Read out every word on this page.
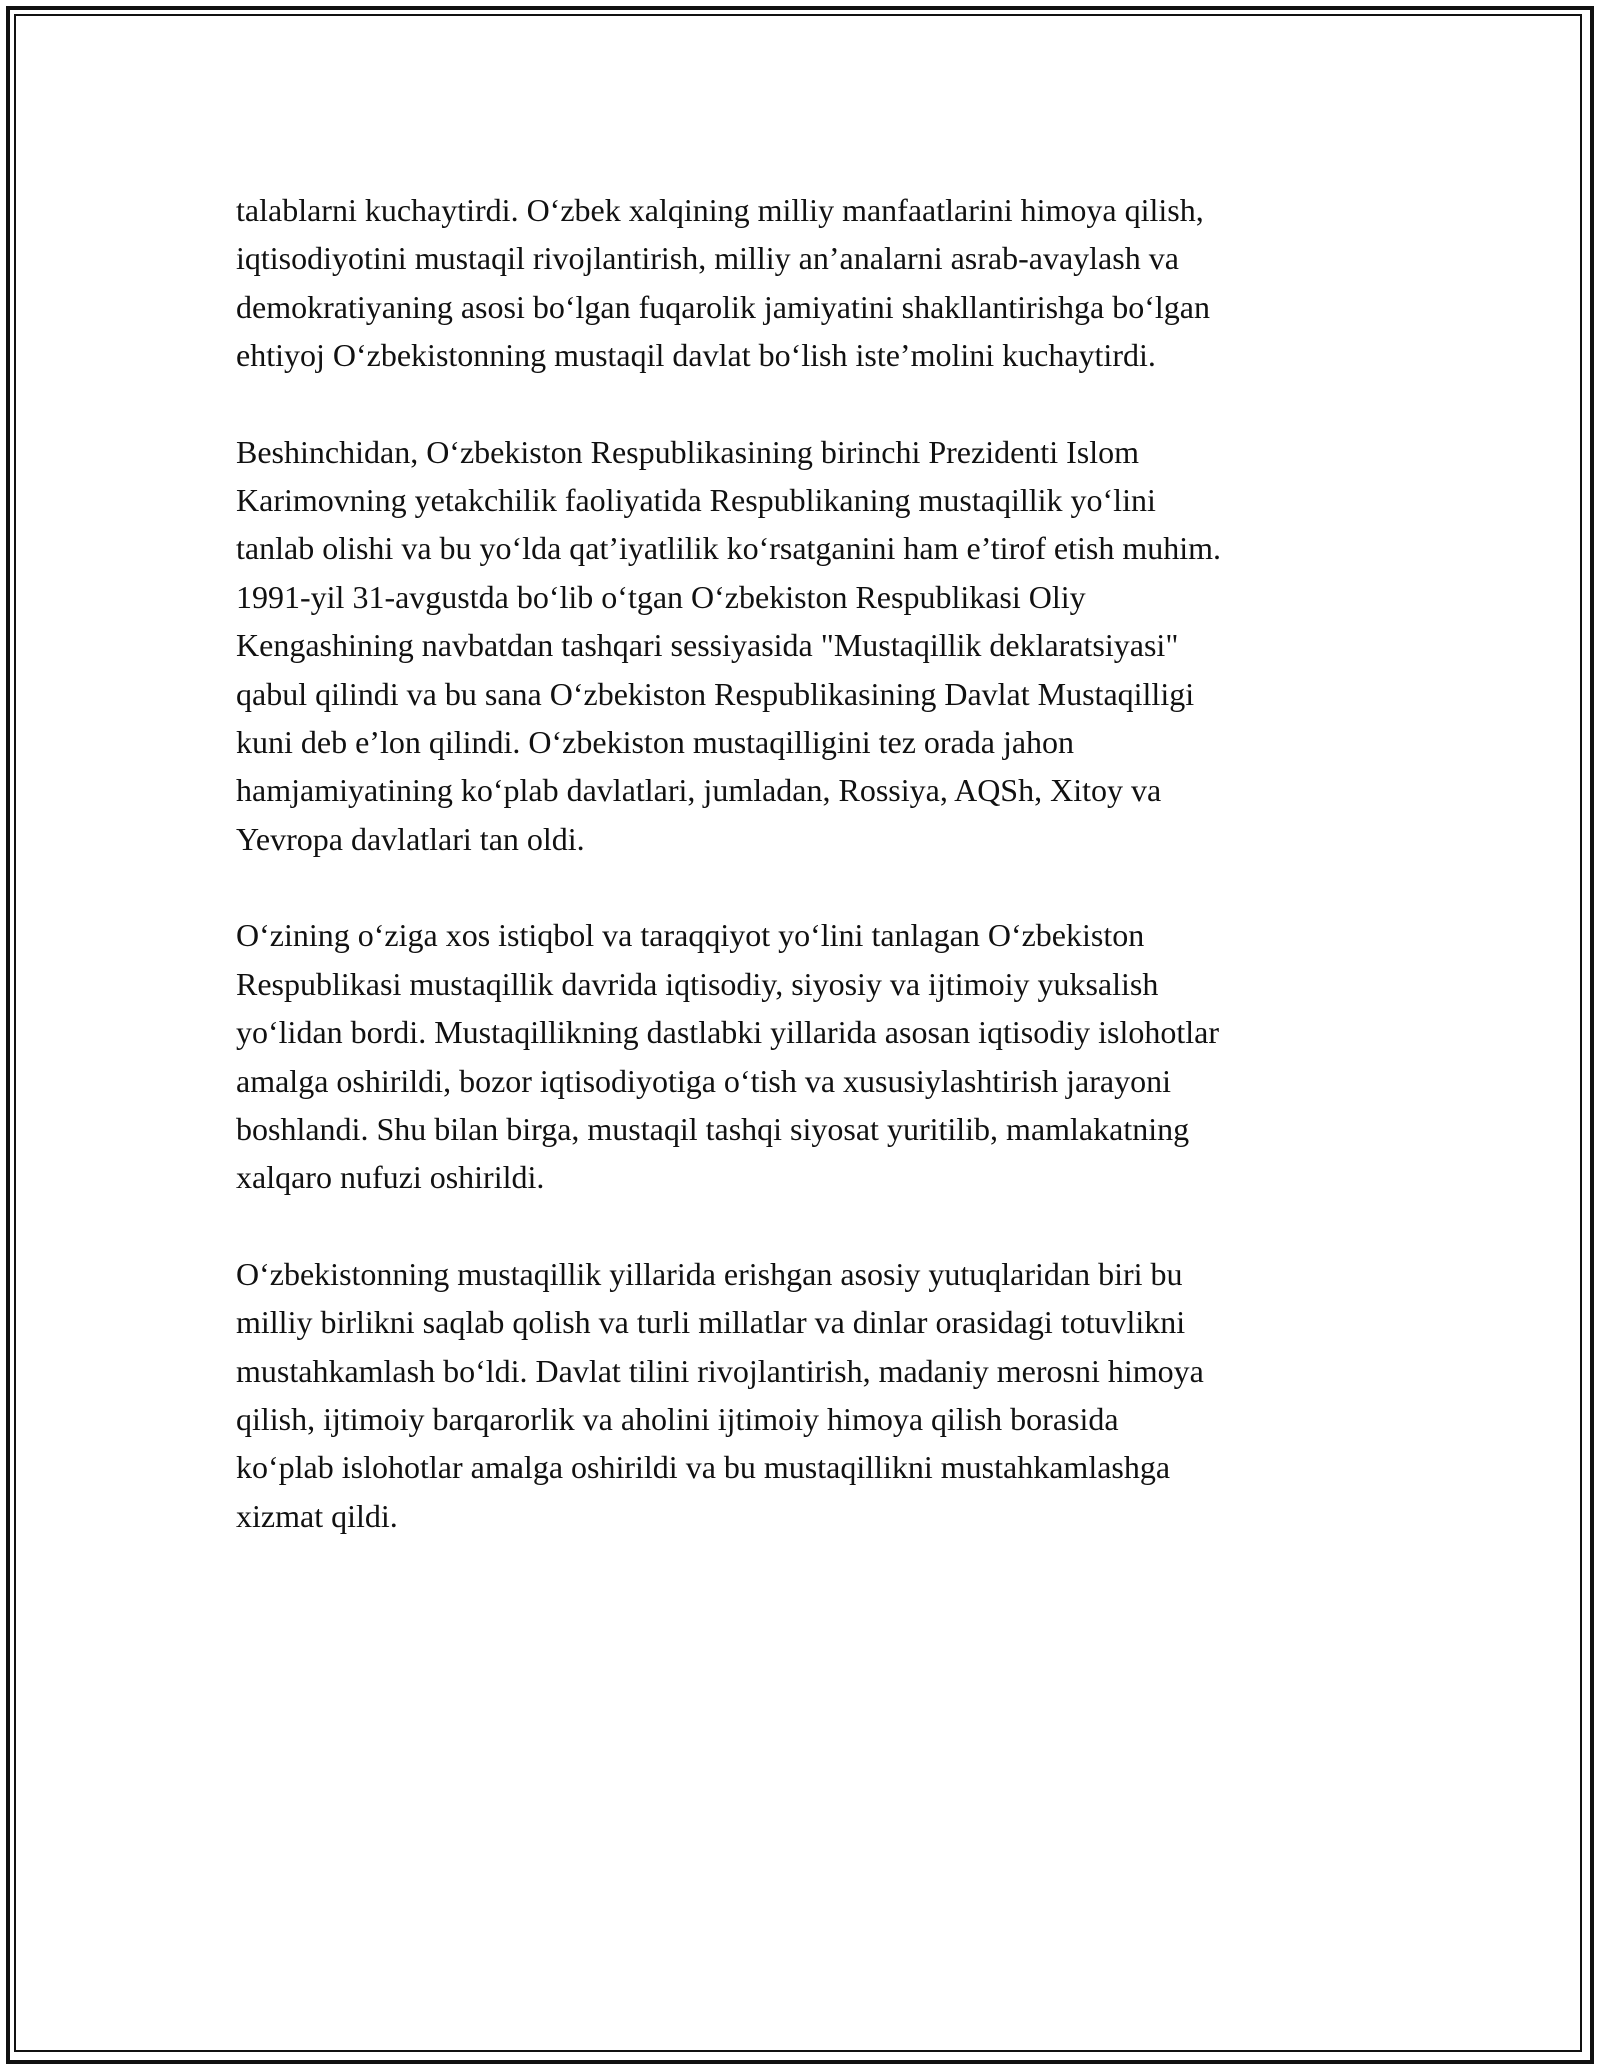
talablarni kuchaytirdi. O‘zbek xalqining milliy manfaatlarini himoya qilish,
iqtisodiyotini mustaqil rivojlantirish, milliy an’analarni asrab-avaylash va
demokratiyaning asosi bo‘lgan fuqarolik jamiyatini shakllantirishga bo‘lgan
ehtiyoj O‘zbekistonning mustaqil davlat bo‘lish iste’molini kuchaytirdi.

Beshinchidan, O‘zbekiston Respublikasining birinchi Prezidenti Islom
Karimovning yetakchilik faoliyatida Respublikaning mustaqillik yo‘lini
tanlab olishi va bu yo‘lda qat’iyatlilik ko‘rsatganini ham e’tirof etish muhim.
1991-yil 31-avgustda bo‘lib o‘tgan O‘zbekiston Respublikasi Oliy
Kengashining navbatdan tashqari sessiyasida "Mustaqillik deklaratsiyasi"
qabul qilindi va bu sana O‘zbekiston Respublikasining Davlat Mustaqilligi
kuni deb e’lon qilindi. O‘zbekiston mustaqilligini tez orada jahon
hamjamiyatining ko‘plab davlatlari, jumladan, Rossiya, AQSh, Xitoy va
Yevropa davlatlari tan oldi.

O‘zining o‘ziga xos istiqbol va taraqqiyot yo‘lini tanlagan O‘zbekiston
Respublikasi mustaqillik davrida iqtisodiy, siyosiy va ijtimoiy yuksalish
yo‘lidan bordi. Mustaqillikning dastlabki yillarida asosan iqtisodiy islohotlar
amalga oshirildi, bozor iqtisodiyotiga o‘tish va xususiylashtirish jarayoni
boshlandi. Shu bilan birga, mustaqil tashqi siyosat yuritilib, mamlakatning
xalqaro nufuzi oshirildi.

O‘zbekistonning mustaqillik yillarida erishgan asosiy yutuqlaridan biri bu
milliy birlikni saqlab qolish va turli millatlar va dinlar orasidagi totuvlikni
mustahkamlash bo‘ldi. Davlat tilini rivojlantirish, madaniy merosni himoya
qilish, ijtimoiy barqarorlik va aholini ijtimoiy himoya qilish borasida
ko‘plab islohotlar amalga oshirildi va bu mustaqillikni mustahkamlashga
xizmat qildi.
